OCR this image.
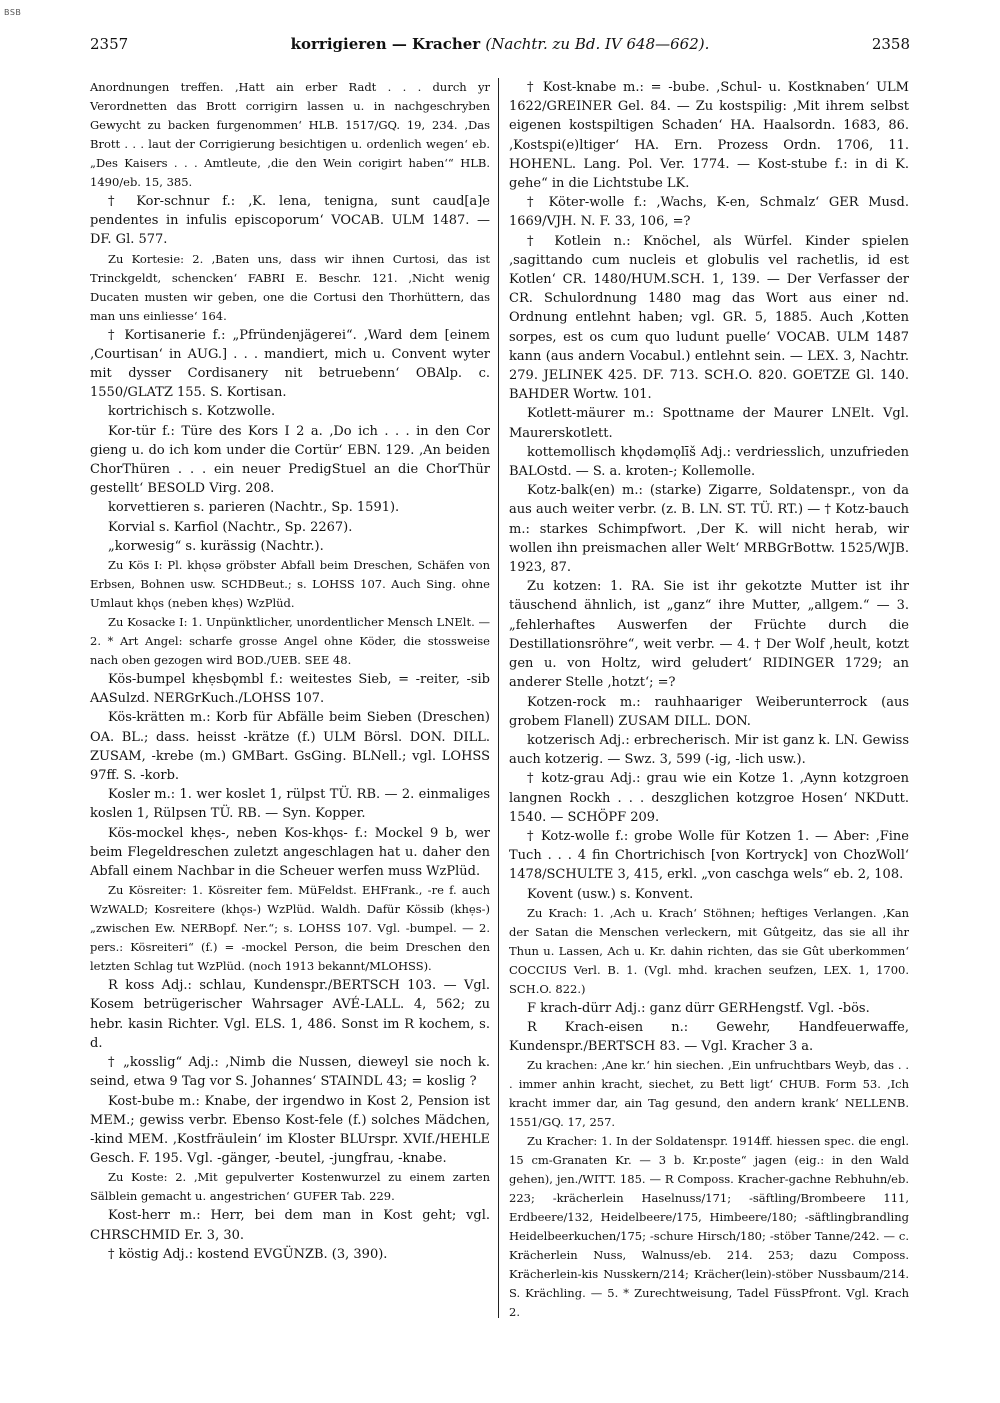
BSB
2357	korrigieren — Kracher (Nachtr. zu Bd. IV 648—662).	2358

Anordnungen treffen. ‚Hatt ain erber Radt . . . durch yr Verordnetten das Brott corrigirn lassen u. in nachgeschryben Gewycht zu backen furgenommen‘ HLB. 1517/GQ. 19, 234. ‚Das Brott . . . laut der Corrigierung besichtigen u. ordenlich wegen‘ eb. „Des Kaisers . . . Amtleute, ‚die den Wein corigirt haben‘“ HLB. 1490/eb. 15, 385.

† Kor-schnur f.: ‚K. lena, tenigna, sunt caud[a]e pendentes in infulis episcoporum‘ VOCAB. ULM 1487. — DF. Gl. 577.

Zu Kortesie: 2. ‚Baten uns, dass wir ihnen Curtosi, das ist Trinckgeldt, schencken‘ FABRI E. Beschr. 121. ‚Nicht wenig Ducaten musten wir geben, one die Cortusi den Thorhüttern, das man uns einliesse‘ 164.

† Kortisanerie f.: „Pfründenjägerei“. ‚Ward dem [einem ‚Courtisan‘ in AUG.] . . . mandiert, mich u. Convent wyter mit dysser Cordisanery nit betruebenn‘ OBAlp. c. 1550/GLATZ 155. S. Kortisan.

kortrichisch s. Kotzwolle.

Kor-tür f.: Türe des Kors I 2 a. ‚Do ich . . . in den Cor gieng u. do ich kom under die Cortür‘ EBN. 129. ‚An beiden ChorThüren . . . ein neuer PredigStuel an die ChorThür gestellt‘ BESOLD Virg. 208.

korvettieren s. parieren (Nachtr., Sp. 1591).

Korvial s. Karfiol (Nachtr., Sp. 2267).

„korwesig“ s. kurässig (Nachtr.).

Zu Kös I: Pl. khǫsə gröbster Abfall beim Dreschen, Schäfen von Erbsen, Bohnen usw. SCHDBeut.; s. LOHSS 107. Auch Sing. ohne Umlaut khǫs (neben khẹs) WzPlüd.

Zu Kosacke I: 1. Unpünktlicher, unordentlicher Mensch LNElt. — 2. * Art Angel: scharfe grosse Angel ohne Köder, die stossweise nach oben gezogen wird BOD./UEB. SEE 48.

Kös-bumpel khẹsbǫmbl f.: weitestes Sieb, = -reiter, -sib AASulzd. NERGrKuch./LOHSS 107.

Kös-krätten m.: Korb für Abfälle beim Sieben (Dreschen) OA. BL.; dass. heisst -krätze (f.) ULM Börsl. DON. DILL. ZUSAM, -krebe (m.) GMBart. GsGing. BLNell.; vgl. LOHSS 97ff. S. -korb.

Kosler m.: 1. wer koslet 1, rülpst TÜ. RB. — 2. einmaliges koslen 1, Rülpsen TÜ. RB. — Syn. Kopper.

Kös-mockel khẹs-, neben Kos-khǫs- f.: Mockel 9 b, wer beim Flegeldreschen zuletzt angeschlagen hat u. daher den Abfall einem Nachbar in die Scheuer werfen muss WzPlüd.

Zu Kösreiter: 1. Kösreiter fem. MüFeldst. EHFrank., -re f. auch WzWALD; Kosreitere (khǫs-) WzPlüd. Waldh. Dafür Kössib (khẹs-) „zwischen Ew. NERBopf. Ner.“; s. LOHSS 107. Vgl. -bumpel. — 2. pers.: Kösreiteri“ (f.) = -mockel Person, die beim Dreschen den letzten Schlag tut WzPlüd. (noch 1913 bekannt/MLOHSS).

R koss Adj.: schlau, Kundenspr./BERTSCH 103. — Vgl. Kosem betrügerischer Wahrsager AVÉ-LALL. 4, 562; zu hebr. kasin Richter. Vgl. ELS. 1, 486. Sonst im R kochem, s. d.

† „kosslig“ Adj.: ‚Nimb die Nussen, dieweyl sie noch k. seind, etwa 9 Tag vor S. Johannes‘ STAINDL 43; = koslig ?

Kost-bube m.: Knabe, der irgendwo in Kost 2, Pension ist MEM.; gewiss verbr. Ebenso Kost-fele (f.) solches Mädchen, -kind MEM. ‚Kostfräulein‘ im Kloster BLUrspr. XVIf./HEHLE Gesch. F. 195. Vgl. -gänger, -beutel, -jungfrau, -knabe.

Zu Koste: 2. ‚Mit gepulverter Kostenwurzel zu einem zarten Sälblein gemacht u. angestrichen‘ GUFER Tab. 229.

Kost-herr m.: Herr, bei dem man in Kost geht; vgl. CHRSCHMID Er. 3, 30.

† köstig Adj.: kostend EVGÜNZB. (3, 390).

† Kost-knabe m.: = -bube. ‚Schul- u. Kostknaben‘ ULM 1622/GREINER Gel. 84. — Zu kostspilig: ‚Mit ihrem selbst eigenen kostspiltigen Schaden‘ HA. Haalsordn. 1683, 86. ‚Kostspi(e)ltiger‘ HA. Ern. Prozess Ordn. 1706, 11. HOHENL. Lang. Pol. Ver. 1774. — Kost-stube f.: in di K. gehe“ in die Lichtstube LK.

† Köter-wolle f.: ‚Wachs, K-en, Schmalz‘ GER Musd. 1669/VJH. N. F. 33, 106, =?

† Kotlein n.: Knöchel, als Würfel. Kinder spielen ‚sagittando cum nucleis et globulis vel rachetlis, id est Kotlen‘ CR. 1480/HUM.SCH. 1, 139. — Der Verfasser der CR. Schulordnung 1480 mag das Wort aus einer nd. Ordnung entlehnt haben; vgl. GR. 5, 1885. Auch ‚Kotten sorpes, est os cum quo ludunt puelle‘ VOCAB. ULM 1487 kann (aus andern Vocabul.) entlehnt sein. — LEX. 3, Nachtr. 279. JELINEK 425. DF. 713. SCH.O. 820. GOETZE Gl. 140. BAHDER Wortw. 101.

Kotlett-mäurer m.: Spottname der Maurer LNElt. Vgl. Maurerskotlett.

kottemollisch khǫdəmǫlīš Adj.: verdriesslich, unzufrieden BALOstd. — S. a. kroten-; Kollemolle.

Kotz-balk(en) m.: (starke) Zigarre, Soldatenspr., von da aus auch weiter verbr. (z. B. LN. ST. TÜ. RT.) — † Kotz-bauch m.: starkes Schimpfwort. ‚Der K. will nicht herab, wir wollen ihn preismachen aller Welt‘ MRBGrBottw. 1525/WJB. 1923, 87.

Zu kotzen: 1. RA. Sie ist ihr gekotzte Mutter ist ihr täuschend ähnlich, ist „ganz“ ihre Mutter, „allgem.“ — 3. „fehlerhaftes Auswerfen der Früchte durch die Destillationsröhre“, weit verbr. — 4. † Der Wolf ‚heult, kotzt gen u. von Holtz, wird geludert‘ RIDINGER 1729; an anderer Stelle ‚hotzt‘; =?

Kotzen-rock m.: rauhhaariger Weiberunterrock (aus grobem Flanell) ZUSAM DILL. DON.

kotzerisch Adj.: erbrecherisch. Mir ist ganz k. LN. Gewiss auch kotzerig. — Swz. 3, 599 (-ig, -lich usw.).

† kotz-grau Adj.: grau wie ein Kotze 1. ‚Aynn kotzgroen langnen Rockh . . . deszglichen kotzgroe Hosen‘ NKDutt. 1540. — SCHÖPF 209.

† Kotz-wolle f.: grobe Wolle für Kotzen 1. — Aber: ‚Fine Tuch . . . 4 fin Chortrichisch [von Kortryck] von ChozWoll‘ 1478/SCHULTE 3, 415, erkl. „von caschga wels“ eb. 2, 108.

Kovent (usw.) s. Konvent.

Zu Krach: 1. ‚Ach u. Krach‘ Stöhnen; heftiges Verlangen. ‚Kan der Satan die Menschen verleckern, mit Gûtgeitz, das sie all ihr Thun u. Lassen, Ach u. Kr. dahin richten, das sie Gût uberkommen‘ COCCIUS Verl. B. 1. (Vgl. mhd. krachen seufzen, LEX. 1, 1700. SCH.O. 822.)

F krach-dürr Adj.: ganz dürr GERHengstf. Vgl. -bös.

R Krach-eisen n.: Gewehr, Handfeuerwaffe, Kundenspr./BERTSCH 83. — Vgl. Kracher 3 a.

Zu krachen: ‚Ane kr.‘ hin siechen. ‚Ein unfruchtbars Weyb, das . . . immer anhin kracht, siechet, zu Bett ligt‘ CHUB. Form 53. ‚Ich kracht immer dar, ain Tag gesund, den andern krank‘ NELLENB. 1551/GQ. 17, 257.

Zu Kracher: 1. In der Soldatenspr. 1914ff. hiessen spec. die engl. 15 cm-Granaten Kr. — 3 b. Kr.poste“ jagen (eig.: in den Wald gehen), jen./WITT. 185. — R Composs. Kracher-gachne Rebhuhn/eb. 223; -krächerlein Haselnuss/171; -säftling/Brombeere 111, Erdbeere/132, Heidelbeere/175, Himbeere/180; -säftlingbrandling Heidelbeerkuchen/175; -schure Hirsch/180; -stöber Tanne/242. — c. Krächerlein Nuss, Walnuss/eb. 214. 253; dazu Composs. Krächerlein-kis Nusskern/214; Krächer(lein)-stöber Nussbaum/214. S. Krächling. — 5. * Zurechtweisung, Tadel FüssPfront. Vgl. Krach 2.
